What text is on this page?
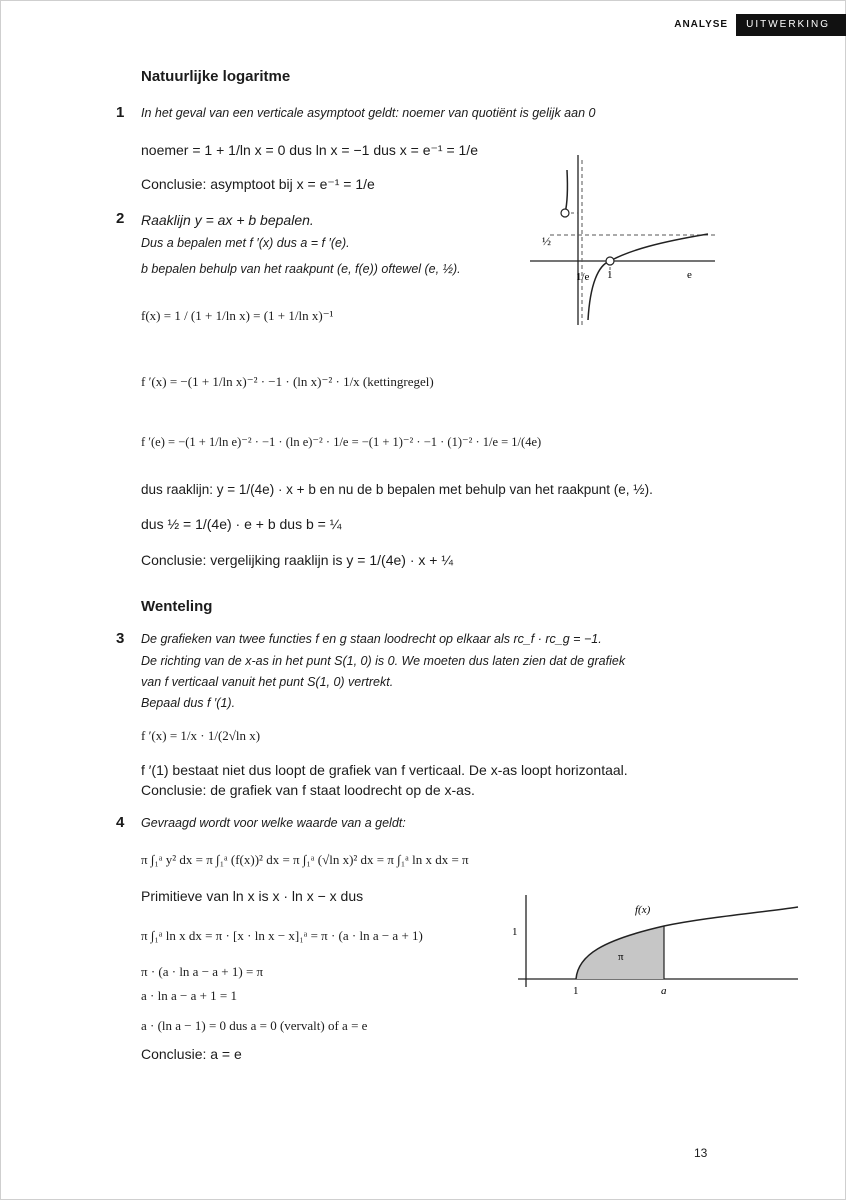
ANALYSE	UITWERKING
Natuurlijke logaritme
1 In het geval van een verticale asymptoot geldt: noemer van quotiënt is gelijk aan 0
noemer = 1 + 1/ln x = 0 dus ln x = −1 dus x = e⁻¹ = 1/e
Conclusie: asymptoot bij x = e⁻¹ = 1/e
2 Raaklijn y = ax + b bepalen.
Dus a bepalen met f ′(x) dus a = f ′(e).
b bepalen behulp van het raakpunt (e, f(e)) oftewel (e, ½).
f(x) = 1 / (1 + 1/ln x) = (1 + 1/ln x)⁻¹
f ′(x) = −(1 + 1/ln x)⁻² · −1 · (ln x)⁻² · 1/x (kettingregel)
f ′(e) = −(1 + 1/ln e)⁻² · −1 · (ln e)⁻² · 1/e = −(1 + 1)⁻² · −1 · (1)⁻² · 1/e = 1/(4e)
dus raaklijn: y = 1/(4e) · x + b en nu de b bepalen met behulp van het raakpunt (e, ½).
dus ½ = 1/(4e) · e + b dus b = ¼
Conclusie: vergelijking raaklijn is y = 1/(4e) · x + ¼
½
1/e 1	e
Wenteling
3 De grafieken van twee functies f en g staan loodrecht op elkaar als rc_f · rc_g = −1.
De richting van de x-as in het punt S(1, 0) is 0. We moeten dus laten zien dat de grafiek
van f verticaal vanuit het punt S(1, 0) vertrekt.
Bepaal dus f ′(1).
f ′(x) = 1/x · 1/(2√ln x)
f ′(1) bestaat niet dus loopt de grafiek van f verticaal. De x-as loopt horizontaal.
Conclusie: de grafiek van f staat loodrecht op de x-as.
4 Gevraagd wordt voor welke waarde van a geldt:
π ∫₁ᵃ y² dx = π ∫₁ᵃ (f(x))² dx = π ∫₁ᵃ (√ln x)² dx = π ∫₁ᵃ ln x dx = π
Primitieve van ln x is x · ln x − x dus
π ∫₁ᵃ ln x dx = π · [x · ln x − x]₁ᵃ = π · (a · ln a − a + 1)
π · (a · ln a − a + 1) = π
a · ln a − a + 1 = 1
a · (ln a − 1) = 0 dus a = 0 (vervalt) of a = e
Conclusie: a = e
f(x)
1
π
1	a
13
